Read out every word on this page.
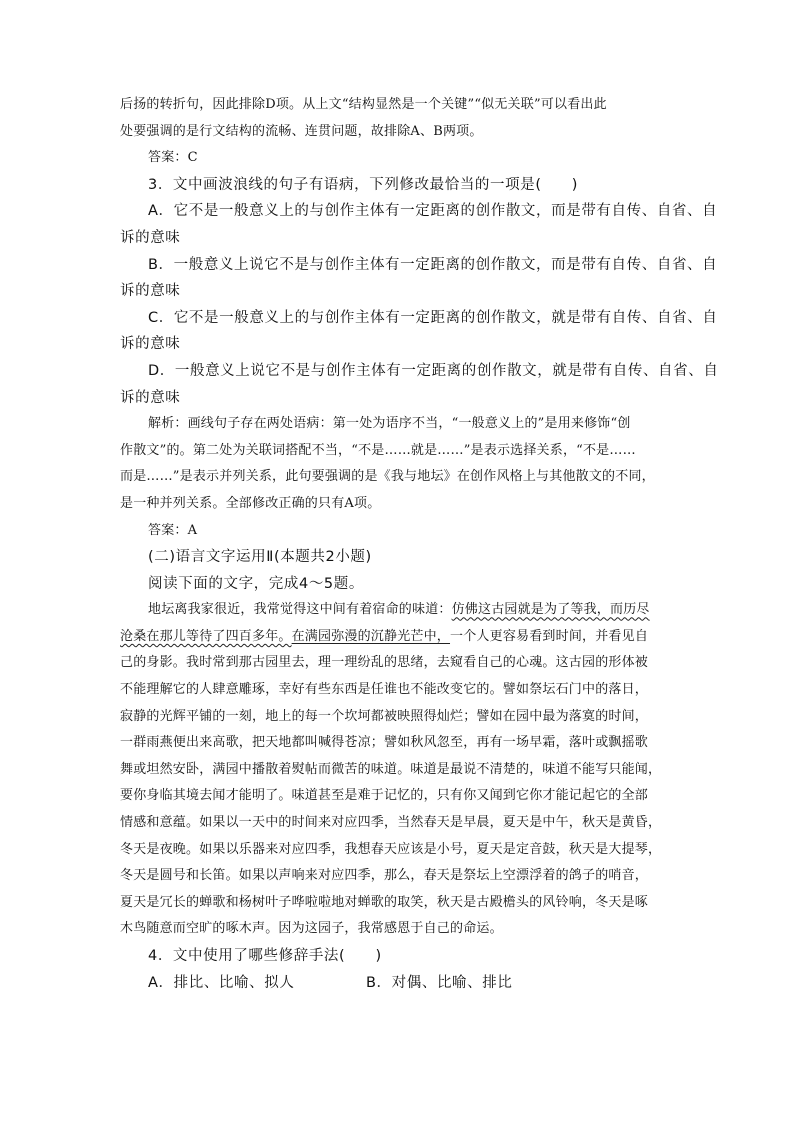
后扬的转折句，因此排除D项。从上文“结构显然是一个关键”“似无关联”可以看出此
处要强调的是行文结构的流畅、连贯问题，故排除A、B两项。
答案：C
3．文中画波浪线的句子有语病，下列修改最恰当的一项是(　　)
A．它不是一般意义上的与创作主体有一定距离的创作散文，而是带有自传、自省、自
诉的意味
B．一般意义上说它不是与创作主体有一定距离的创作散文，而是带有自传、自省、自
诉的意味
C．它不是一般意义上的与创作主体有一定距离的创作散文，就是带有自传、自省、自
诉的意味
D．一般意义上说它不是与创作主体有一定距离的创作散文，就是带有自传、自省、自
诉的意味
解析：画线句子存在两处语病：第一处为语序不当，“一般意义上的”是用来修饰“创
作散文”的。第二处为关联词搭配不当，“不是……就是……”是表示选择关系，“不是……
而是……”是表示并列关系，此句要强调的是《我与地坛》在创作风格上与其他散文的不同，
是一种并列关系。全部修改正确的只有A项。
答案：A
(二)语言文字运用Ⅱ(本题共2小题)
阅读下面的文字，完成4～5题。
地坛离我家很近，我常觉得这中间有着宿命的味道：仿佛这古园就是为了等我，而历尽
沧桑在那儿等待了四百多年。在满园弥漫的沉静光芒中，一个人更容易看到时间，并看见自
己的身影。我时常到那古园里去，理一理纷乱的思绪，去窥看自己的心魂。这古园的形体被
不能理解它的人肆意雕琢，幸好有些东西是任谁也不能改变它的。譬如祭坛石门中的落日，
寂静的光辉平铺的一刻，地上的每一个坎坷都被映照得灿烂；譬如在园中最为落寞的时间，
一群雨燕便出来高歌，把天地都叫喊得苍凉；譬如秋风忽至，再有一场早霜，落叶或飘摇歌
舞或坦然安卧，满园中播散着熨帖而微苦的味道。味道是最说不清楚的，味道不能写只能闻，
要你身临其境去闻才能明了。味道甚至是难于记忆的，只有你又闻到它你才能记起它的全部
情感和意蕴。如果以一天中的时间来对应四季，当然春天是早晨，夏天是中午，秋天是黄昏，
冬天是夜晚。如果以乐器来对应四季，我想春天应该是小号，夏天是定音鼓，秋天是大提琴，
冬天是圆号和长笛。如果以声响来对应四季，那么，春天是祭坛上空漂浮着的鸽子的哨音，
夏天是冗长的蝉歌和杨树叶子哗啦啦地对蝉歌的取笑，秋天是古殿檐头的风铃响，冬天是啄
木鸟随意而空旷的啄木声。因为这园子，我常感恩于自己的命运。
4．文中使用了哪些修辞手法(　　)
A．排比、比喻、拟人	B．对偶、比喻、排比
